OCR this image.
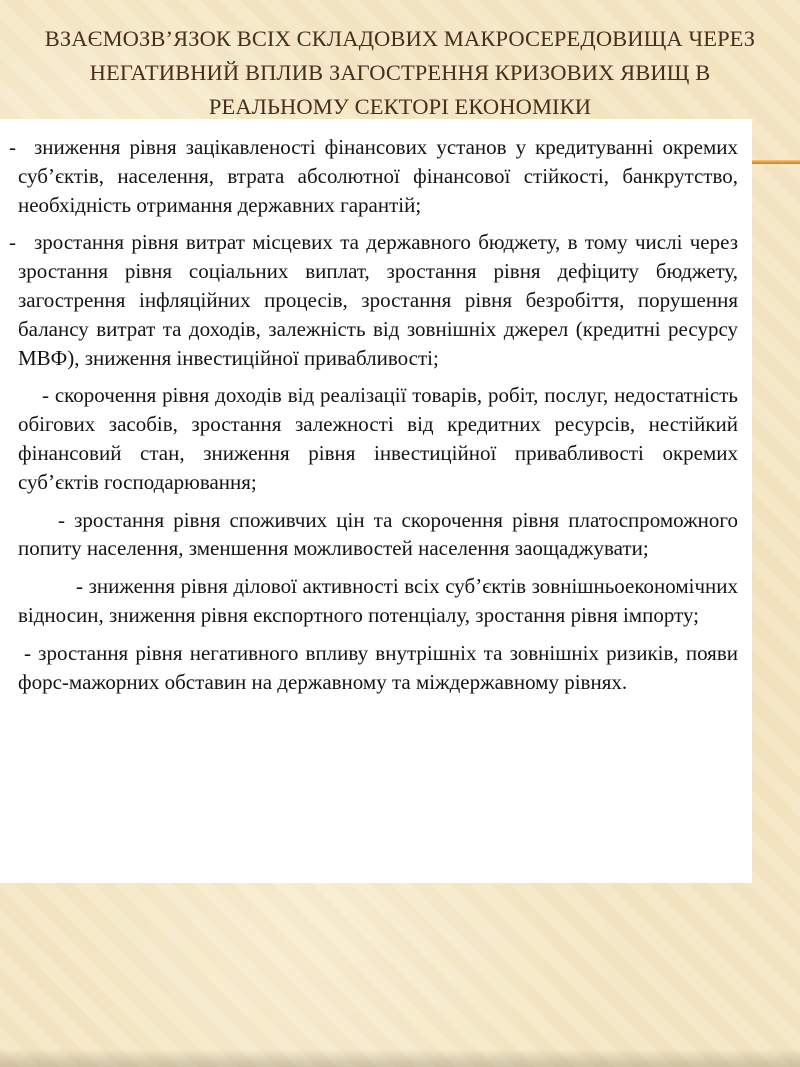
ВЗАЄМОЗВ’ЯЗОК ВСІХ СКЛАДОВИХ МАКРОСЕРЕДОВИЩА ЧЕРЕЗ НЕГАТИВНИЙ ВПЛИВ ЗАГОСТРЕННЯ КРИЗОВИХ ЯВИЩ В РЕАЛЬНОМУ СЕКТОРІ ЕКОНОМІКИ

- зниження рівня зацікавленості фінансових установ у кредитуванні окремих суб’єктів, населення, втрата абсолютної фінансової стійкості, банкрутство, необхідність отримання державних гарантій;

- зростання рівня витрат місцевих та державного бюджету, в тому числі через зростання рівня соціальних виплат, зростання рівня дефіциту бюджету, загострення інфляційних процесів, зростання рівня безробіття, порушення балансу витрат та доходів, залежність від зовнішніх джерел (кредитні ресурсу МВФ), зниження інвестиційної привабливості;

- скорочення рівня доходів від реалізації товарів, робіт, послуг, недостатність обігових засобів, зростання залежності від кредитних ресурсів, нестійкий фінансовий стан, зниження рівня інвестиційної привабливості окремих суб’єктів господарювання;

- зростання рівня споживчих цін та скорочення рівня платоспроможного попиту населення, зменшення можливостей населення заощаджувати;

- зниження рівня ділової активності всіх суб’єктів зовнішньоекономічних відносин, зниження рівня експортного потенціалу, зростання рівня імпорту;

- зростання рівня негативного впливу внутрішніх та зовнішніх ризиків, появи форс-мажорних обставин на державному та міждержавному рівнях.
